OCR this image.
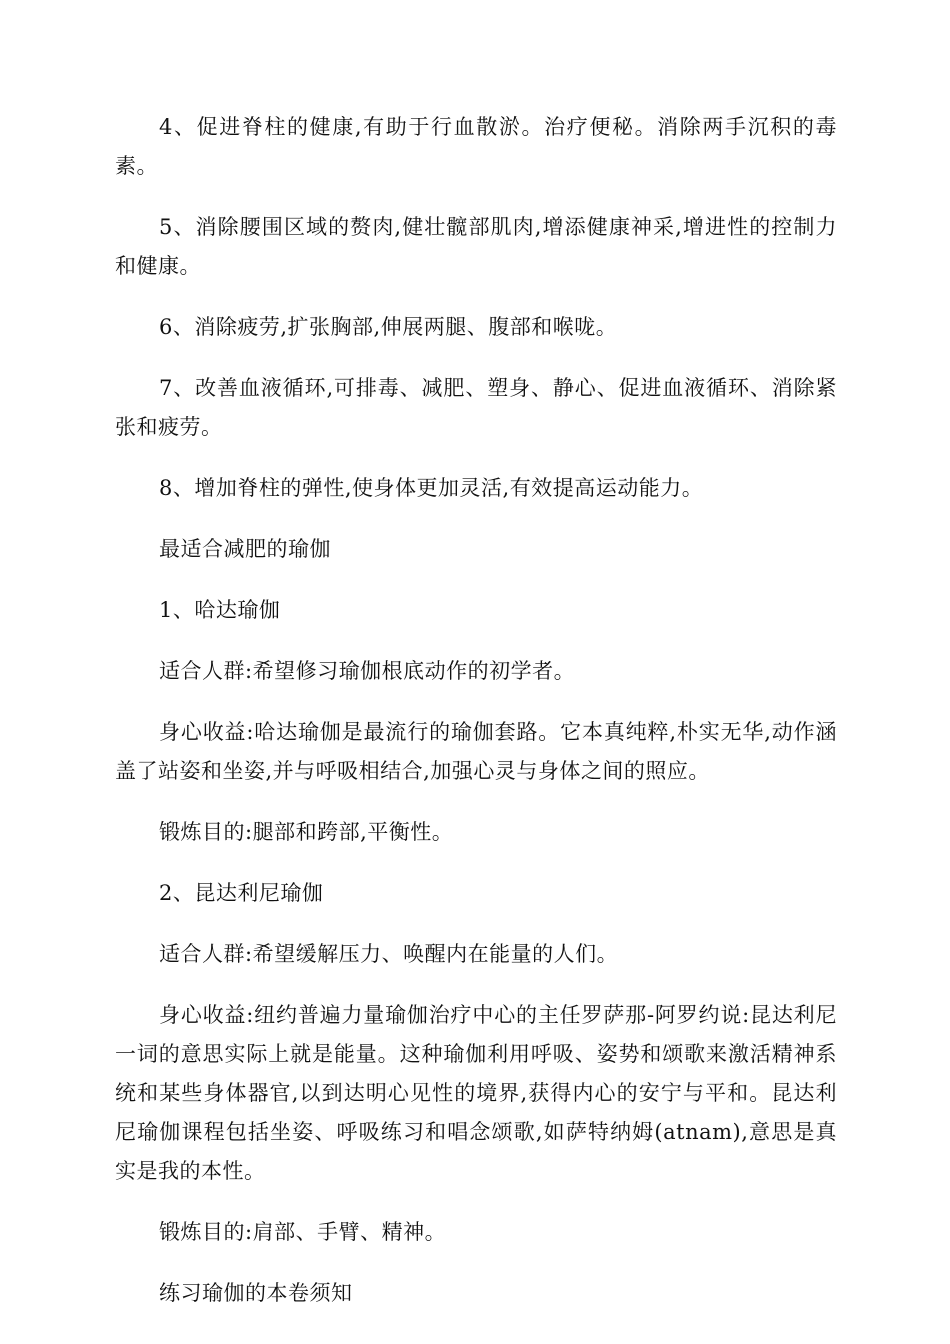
4、促进脊柱的健康,有助于行血散淤。治疗便秘。消除两手沉积的毒素。

5、消除腰围区域的赘肉,健壮髋部肌肉,增添健康神采,增进性的控制力和健康。

6、消除疲劳,扩张胸部,伸展两腿、腹部和喉咙。

7、改善血液循环,可排毒、减肥、塑身、静心、促进血液循环、消除紧张和疲劳。

8、增加脊柱的弹性,使身体更加灵活,有效提高运动能力。

最适合减肥的瑜伽

1、哈达瑜伽

适合人群:希望修习瑜伽根底动作的初学者。

身心收益:哈达瑜伽是最流行的瑜伽套路。它本真纯粹,朴实无华,动作涵盖了站姿和坐姿,并与呼吸相结合,加强心灵与身体之间的照应。

锻炼目的:腿部和跨部,平衡性。

2、昆达利尼瑜伽

适合人群:希望缓解压力、唤醒内在能量的人们。

身心收益:纽约普遍力量瑜伽治疗中心的主任罗萨那-阿罗约说:昆达利尼一词的意思实际上就是能量。这种瑜伽利用呼吸、姿势和颂歌来激活精神系统和某些身体器官,以到达明心见性的境界,获得内心的安宁与平和。昆达利尼瑜伽课程包括坐姿、呼吸练习和唱念颂歌,如萨特纳姆(atnam),意思是真实是我的本性。

锻炼目的:肩部、手臂、精神。

练习瑜伽的本卷须知
